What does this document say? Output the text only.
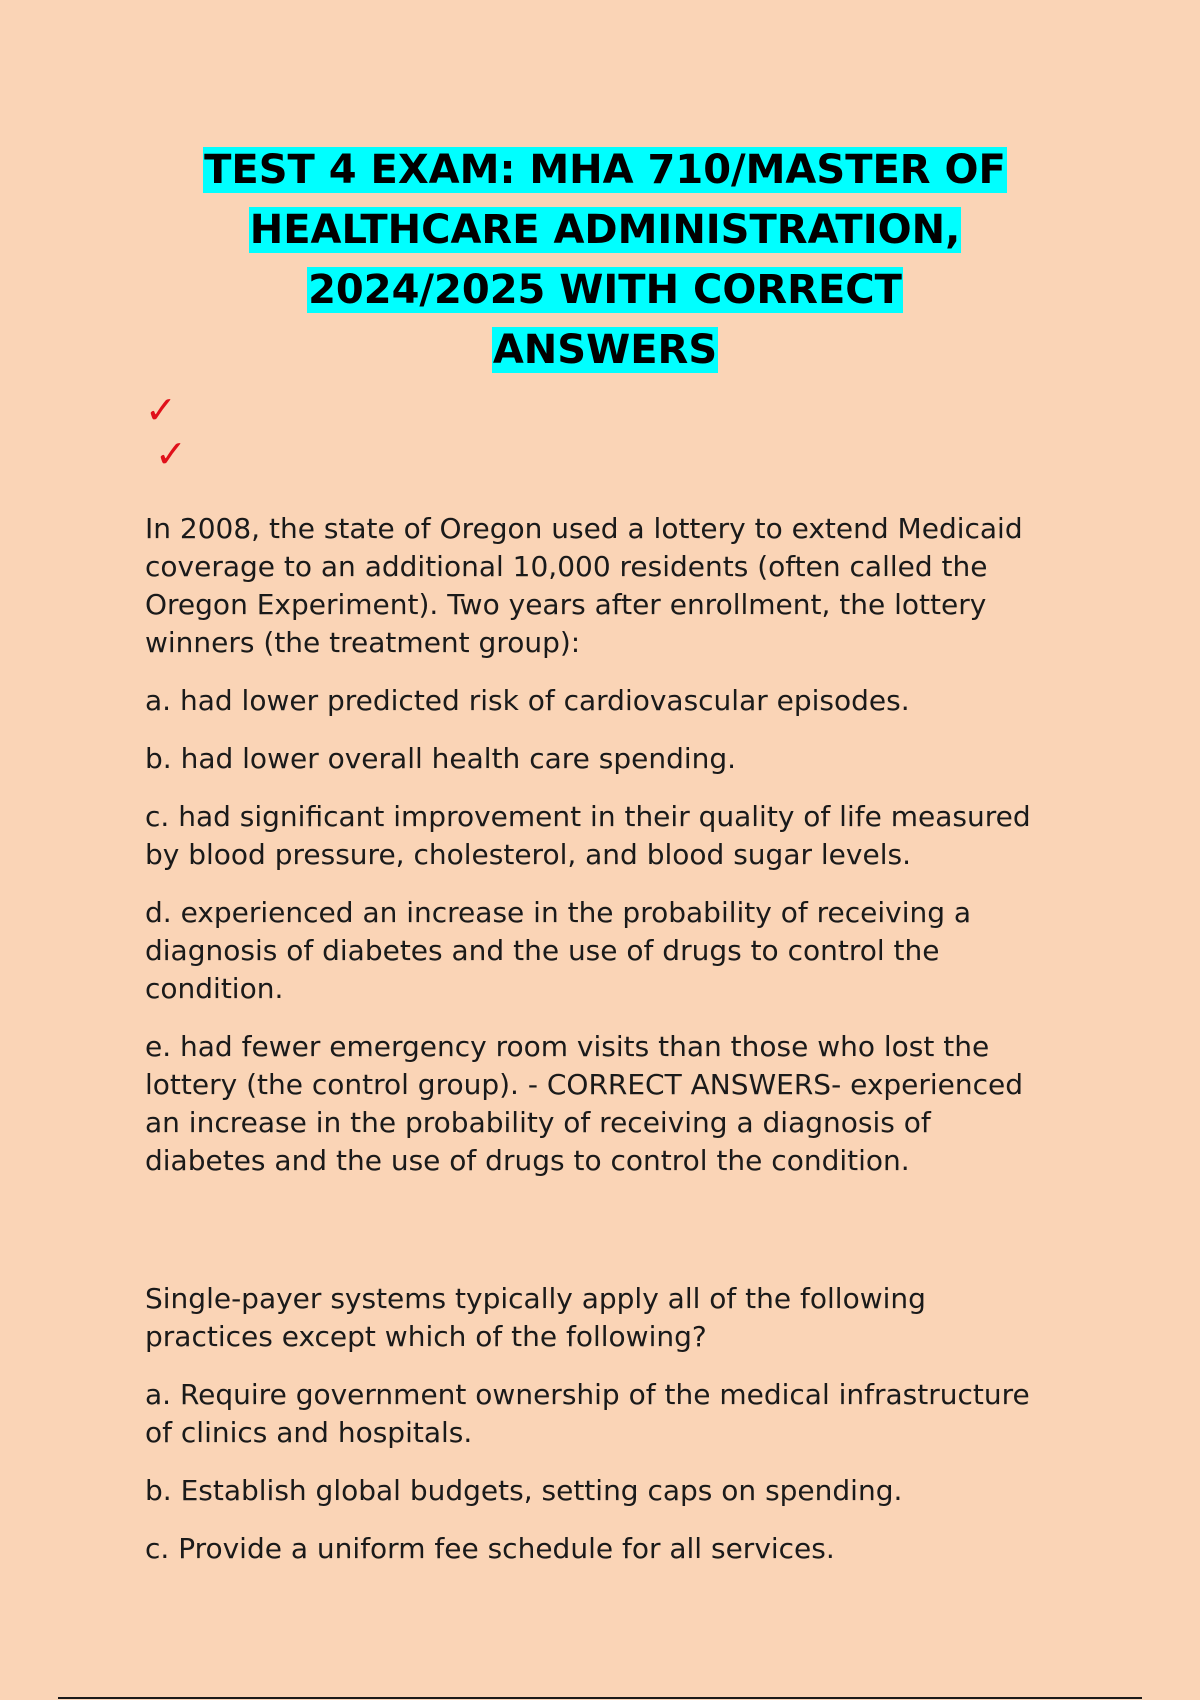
TEST 4 EXAM: MHA 710/MASTER OF
HEALTHCARE ADMINISTRATION,
2024/2025 WITH CORRECT
ANSWERS
✓
✓

In 2008, the state of Oregon used a lottery to extend Medicaid coverage to an additional 10,000 residents (often called the Oregon Experiment). Two years after enrollment, the lottery winners (the treatment group):

a. had lower predicted risk of cardiovascular episodes.

b. had lower overall health care spending.

c. had significant improvement in their quality of life measured by blood pressure, cholesterol, and blood sugar levels.

d. experienced an increase in the probability of receiving a diagnosis of diabetes and the use of drugs to control the condition.

e. had fewer emergency room visits than those who lost the lottery (the control group). - CORRECT ANSWERS- experienced an increase in the probability of receiving a diagnosis of diabetes and the use of drugs to control the condition.

Single-payer systems typically apply all of the following practices except which of the following?

a. Require government ownership of the medical infrastructure of clinics and hospitals.

b. Establish global budgets, setting caps on spending.

c. Provide a uniform fee schedule for all services.
